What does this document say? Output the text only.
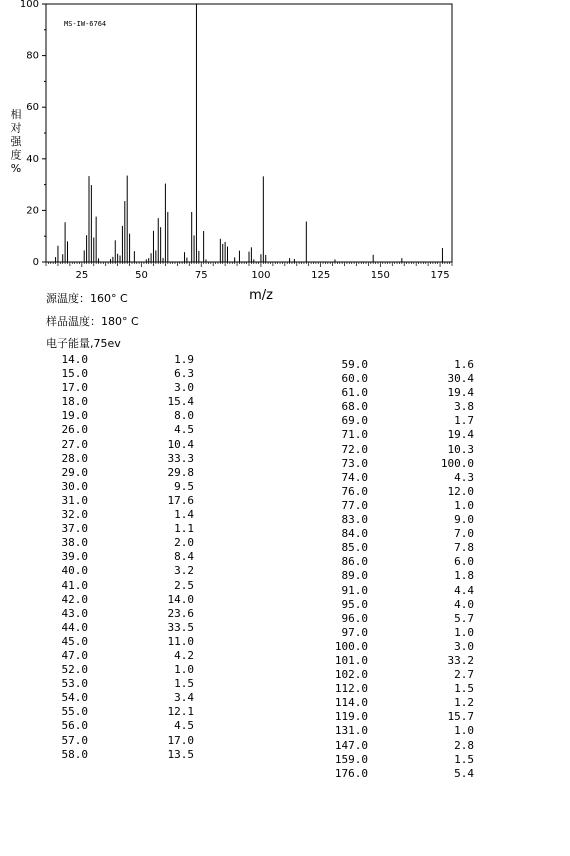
0
20
40
60
80
100
25	50	75	100	125	150	175
MS-IW-6764
m/z
相
对
强
度
%
源温度：160° C
样品温度：180° C
电子能量,75ev
14.0	1.9
15.0	6.3
17.0	3.0
18.0	15.4
19.0	8.0
26.0	4.5
27.0	10.4
28.0	33.3
29.0	29.8
30.0	9.5
31.0	17.6
32.0	1.4
37.0	1.1
38.0	2.0
39.0	8.4
40.0	3.2
41.0	2.5
42.0	14.0
43.0	23.6
44.0	33.5
45.0	11.0
47.0	4.2
52.0	1.0
53.0	1.5
54.0	3.4
55.0	12.1
56.0	4.5
57.0	17.0
58.0	13.5
59.0	1.6
60.0	30.4
61.0	19.4
68.0	3.8
69.0	1.7
71.0	19.4
72.0	10.3
73.0	100.0
74.0	4.3
76.0	12.0
77.0	1.0
83.0	9.0
84.0	7.0
85.0	7.8
86.0	6.0
89.0	1.8
91.0	4.4
95.0	4.0
96.0	5.7
97.0	1.0
100.0	3.0
101.0	33.2
102.0	2.7
112.0	1.5
114.0	1.2
119.0	15.7
131.0	1.0
147.0	2.8
159.0	1.5
176.0	5.4
